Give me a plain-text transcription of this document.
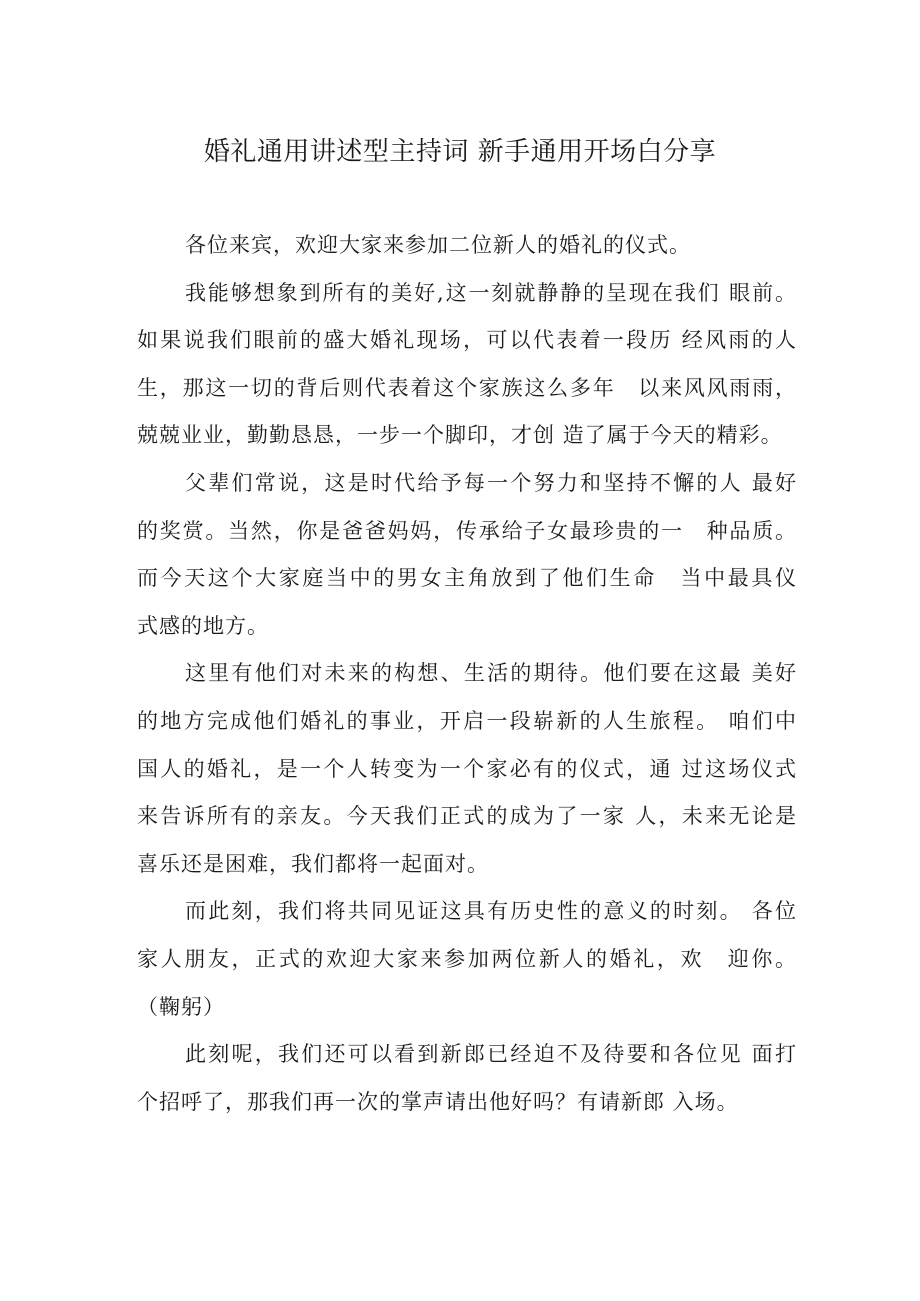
婚礼通用讲述型主持词 新手通用开场白分享
各位来宾，欢迎大家来参加二位新人的婚礼的仪式。
我能够想象到所有的美好,这一刻就静静的呈现在我们 眼前。
如果说我们眼前的盛大婚礼现场，可以代表着一段历 经风雨的人
生，那这一切的背后则代表着这个家族这么多年　以来风风雨雨，
兢兢业业，勤勤恳恳，一步一个脚印，才创 造了属于今天的精彩。
父辈们常说，这是时代给予每一个努力和坚持不懈的人 最好
的奖赏。当然，你是爸爸妈妈，传承给子女最珍贵的一　种品质。
而今天这个大家庭当中的男女主角放到了他们生命　当中最具仪
式感的地方。
这里有他们对未来的构想、生活的期待。他们要在这最 美好
的地方完成他们婚礼的事业，开启一段崭新的人生旅程。 咱们中
国人的婚礼，是一个人转变为一个家必有的仪式，通 过这场仪式
来告诉所有的亲友。今天我们正式的成为了一家 人，未来无论是
喜乐还是困难，我们都将一起面对。
而此刻，我们将共同见证这具有历史性的意义的时刻。 各位
家人朋友，正式的欢迎大家来参加两位新人的婚礼，欢　迎你。
（鞠躬）
此刻呢，我们还可以看到新郎已经迫不及待要和各位见 面打
个招呼了，那我们再一次的掌声请出他好吗？有请新郎 入场。
